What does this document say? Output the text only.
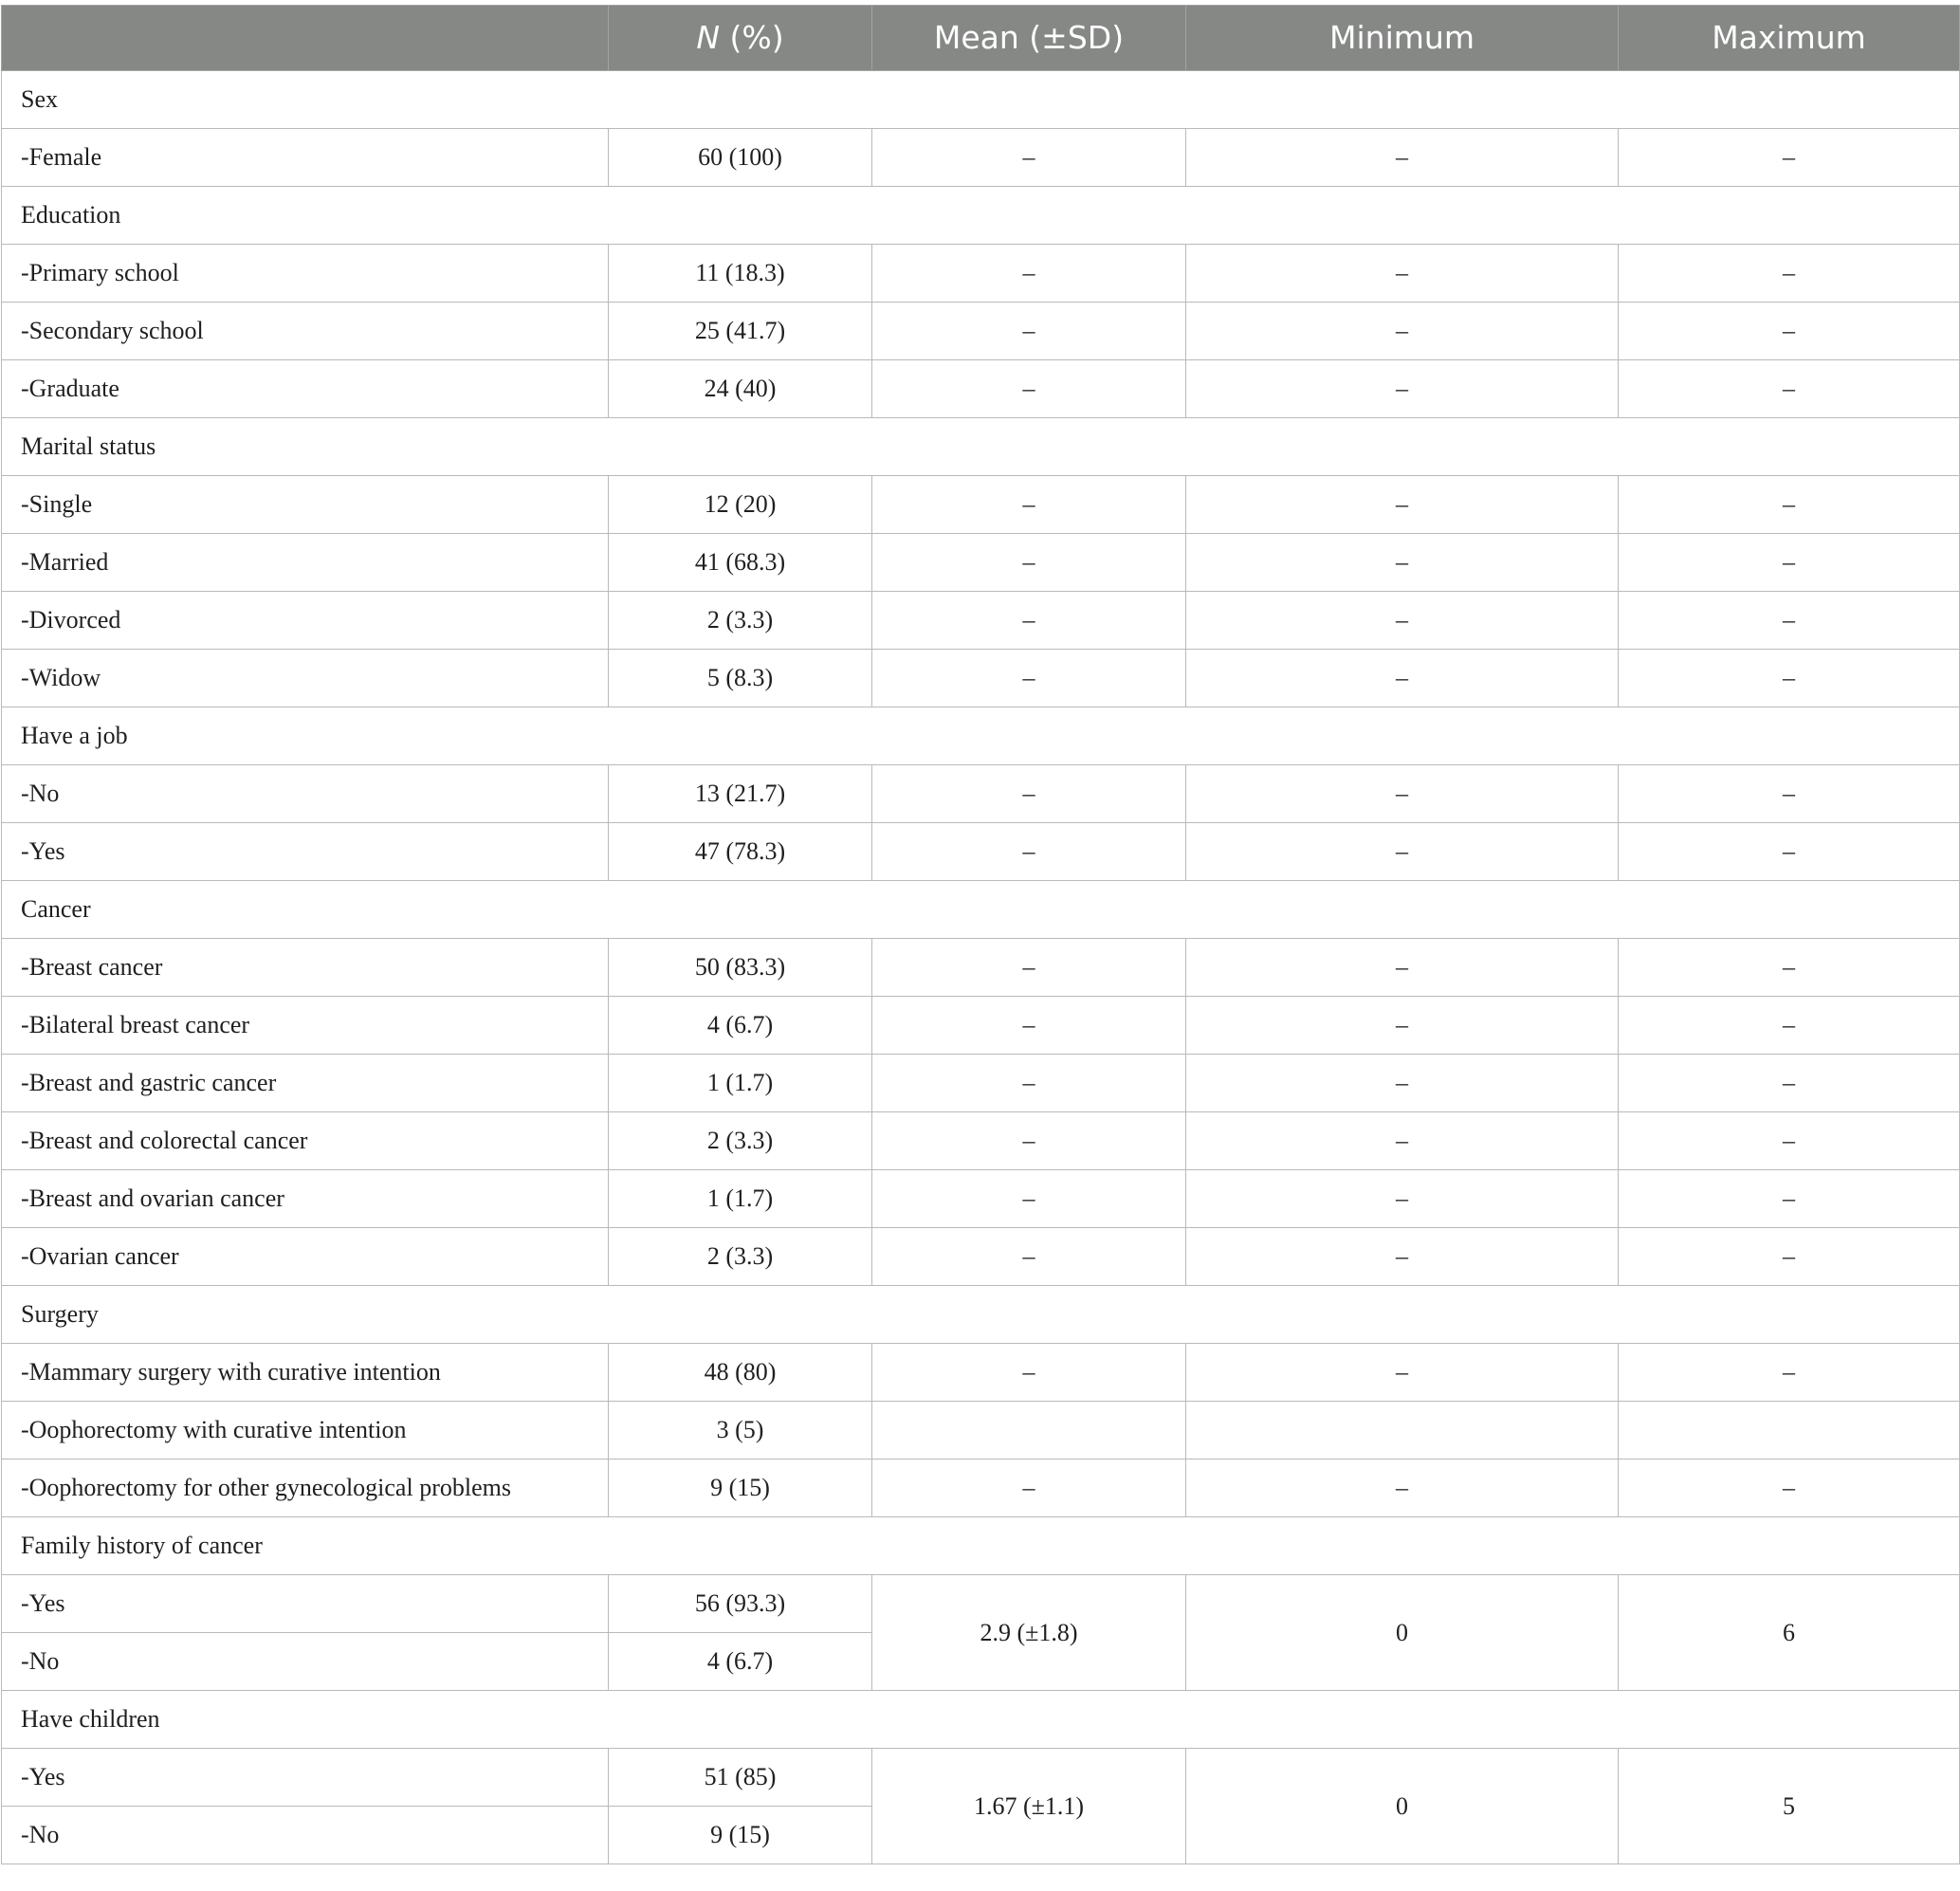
	N (%)	Mean (±SD)	Minimum	Maximum
Sex				
-Female	60 (100)	–	–	–
Education				
-Primary school	11 (18.3)	–	–	–
-Secondary school	25 (41.7)	–	–	–
-Graduate	24 (40)	–	–	–
Marital status				
-Single	12 (20)	–	–	–
-Married	41 (68.3)	–	–	–
-Divorced	2 (3.3)	–	–	–
-Widow	5 (8.3)	–	–	–
Have a job				
-No	13 (21.7)	–	–	–
-Yes	47 (78.3)	–	–	–
Cancer				
-Breast cancer	50 (83.3)	–	–	–
-Bilateral breast cancer	4 (6.7)	–	–	–
-Breast and gastric cancer	1 (1.7)	–	–	–
-Breast and colorectal cancer	2 (3.3)	–	–	–
-Breast and ovarian cancer	1 (1.7)	–	–	–
-Ovarian cancer	2 (3.3)	–	–	–
Surgery				
-Mammary surgery with curative intention	48 (80)	–	–	–
-Oophorectomy with curative intention	3 (5)			
-Oophorectomy for other gynecological problems	9 (15)	–	–	–
Family history of cancer				
-Yes	56 (93.3)	2.9 (±1.8)	0	6
-No	4 (6.7)			
Have children				
-Yes	51 (85)	1.67 (±1.1)	0	5
-No	9 (15)			
